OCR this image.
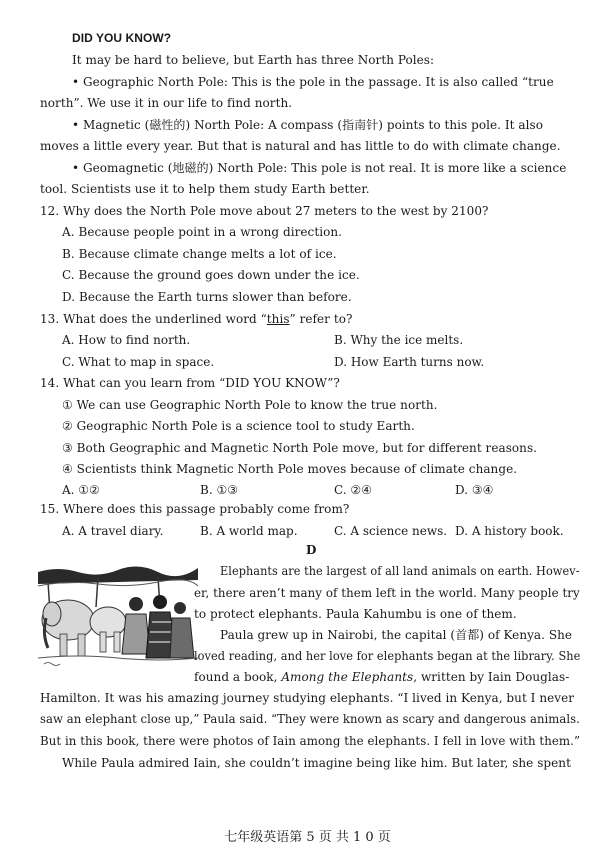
DID YOU KNOW?
It may be hard to believe, but Earth has three North Poles:
• Geographic North Pole: This is the pole in the passage. It is also called “true
north”. We use it in our life to find north.
• Magnetic (磁性的) North Pole: A compass (指南针) points to this pole. It also
moves a little every year. But that is natural and has little to do with climate change.
• Geomagnetic (地磁的) North Pole: This pole is not real. It is more like a science
tool. Scientists use it to help them study Earth better.
12. Why does the North Pole move about 27 meters to the west by 2100?
A. Because people point in a wrong direction.
B. Because climate change melts a lot of ice.
C. Because the ground goes down under the ice.
D. Because the Earth turns slower than before.
13. What does the underlined word “this” refer to?
A. How to find north.	B. Why the ice melts.
C. What to map in space.	D. How Earth turns now.
14. What can you learn from “DID YOU KNOW”?
① We can use Geographic North Pole to know the true north.
② Geographic North Pole is a science tool to study Earth.
③ Both Geographic and Magnetic North Pole move, but for different reasons.
④ Scientists think Magnetic North Pole moves because of climate change.
A. ①②	B. ①③	C. ②④	D. ③④
15. Where does this passage probably come from?
A. A travel diary.	B. A world map.	C. A science news. D. A history book.
D
Elephants are the largest of all land animals on earth. Howev-
er, there aren’t many of them left in the world. Many people try
to protect elephants. Paula Kahumbu is one of them.
Paula grew up in Nairobi, the capital (首都) of Kenya. She
loved reading, and her love for elephants began at the library. She
found a book, Among the Elephants, written by Iain Douglas-
Hamilton. It was his amazing journey studying elephants. “I lived in Kenya, but I never
saw an elephant close up,” Paula said. “They were known as scary and dangerous animals.
But in this book, there were photos of Iain among the elephants. I fell in love with them.”
While Paula admired Iain, she couldn’t imagine being like him. But later, she spent
七年级英语第 5 页 共 1 0 页
